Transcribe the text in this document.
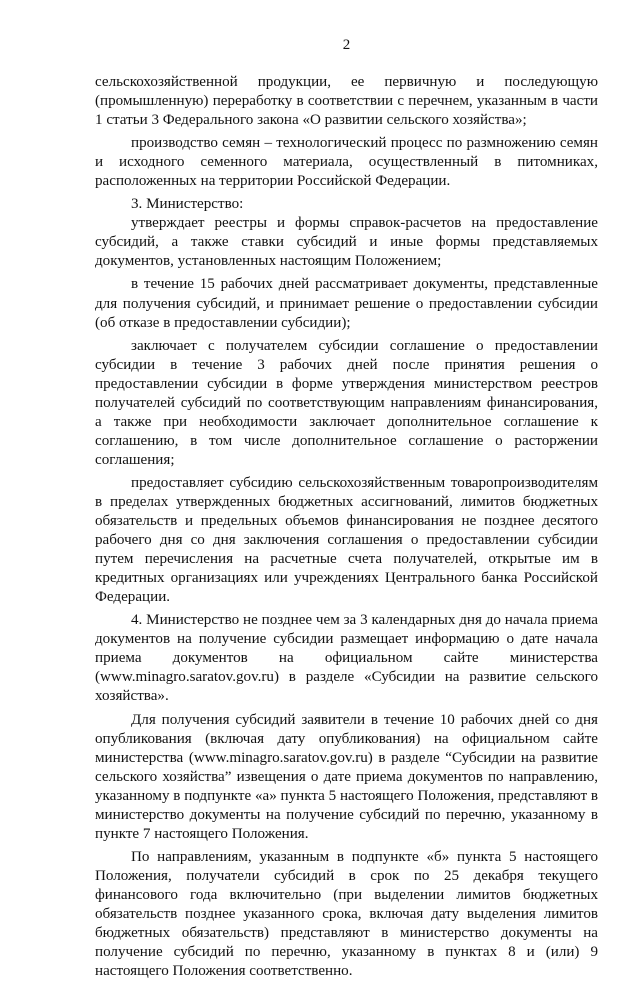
2

сельскохозяйственной продукции, ее первичную и последующую (промышленную) переработку в соответствии с перечнем, указанным в части 1 статьи 3 Федерального закона «О развитии сельского хозяйства»;

производство семян – технологический процесс по размножению семян и исходного семенного материала, осуществленный в питомниках, расположенных на территории Российской Федерации.

3. Министерство:

утверждает реестры и формы справок-расчетов на предоставление субсидий, а также ставки субсидий и иные формы представляемых документов, установленных настоящим Положением;

в течение 15 рабочих дней рассматривает документы, представленные для получения субсидий, и принимает решение о предоставлении субсидии (об отказе в предоставлении субсидии);

заключает с получателем субсидии соглашение о предоставлении субсидии в течение 3 рабочих дней после принятия решения о предоставлении субсидии в форме утверждения министерством реестров получателей субсидий по соответствующим направлениям финансирования, а также при необходимости заключает дополнительное соглашение к соглашению, в том числе дополнительное соглашение о расторжении соглашения;

предоставляет субсидию сельскохозяйственным товаропроизводителям в пределах утвержденных бюджетных ассигнований, лимитов бюджетных обязательств и предельных объемов финансирования не позднее десятого рабочего дня со дня заключения соглашения о предоставлении субсидии путем перечисления на расчетные счета получателей, открытые им в кредитных организациях или учреждениях Центрального банка Российской Федерации.

4. Министерство не позднее чем за 3 календарных дня до начала приема документов на получение субсидии размещает информацию о дате начала приема документов на официальном сайте министерства (www.minagro.saratov.gov.ru) в разделе «Субсидии на развитие сельского хозяйства».

Для получения субсидий заявители в течение 10 рабочих дней со дня опубликования (включая дату опубликования) на официальном сайте министерства (www.minagro.saratov.gov.ru) в разделе “Субсидии на развитие сельского хозяйства” извещения о дате приема документов по направлению, указанному в подпункте «а» пункта 5 настоящего Положения, представляют в министерство документы на получение субсидий по перечню, указанному в пункте 7 настоящего Положения.

По направлениям, указанным в подпункте «б» пункта 5 настоящего Положения, получатели субсидий в срок по 25 декабря текущего финансового года включительно (при выделении лимитов бюджетных обязательств позднее указанного срока, включая дату выделения лимитов бюджетных обязательств) представляют в министерство документы на получение субсидий по перечню, указанному в пунктах 8 и (или) 9 настоящего Положения соответственно.
